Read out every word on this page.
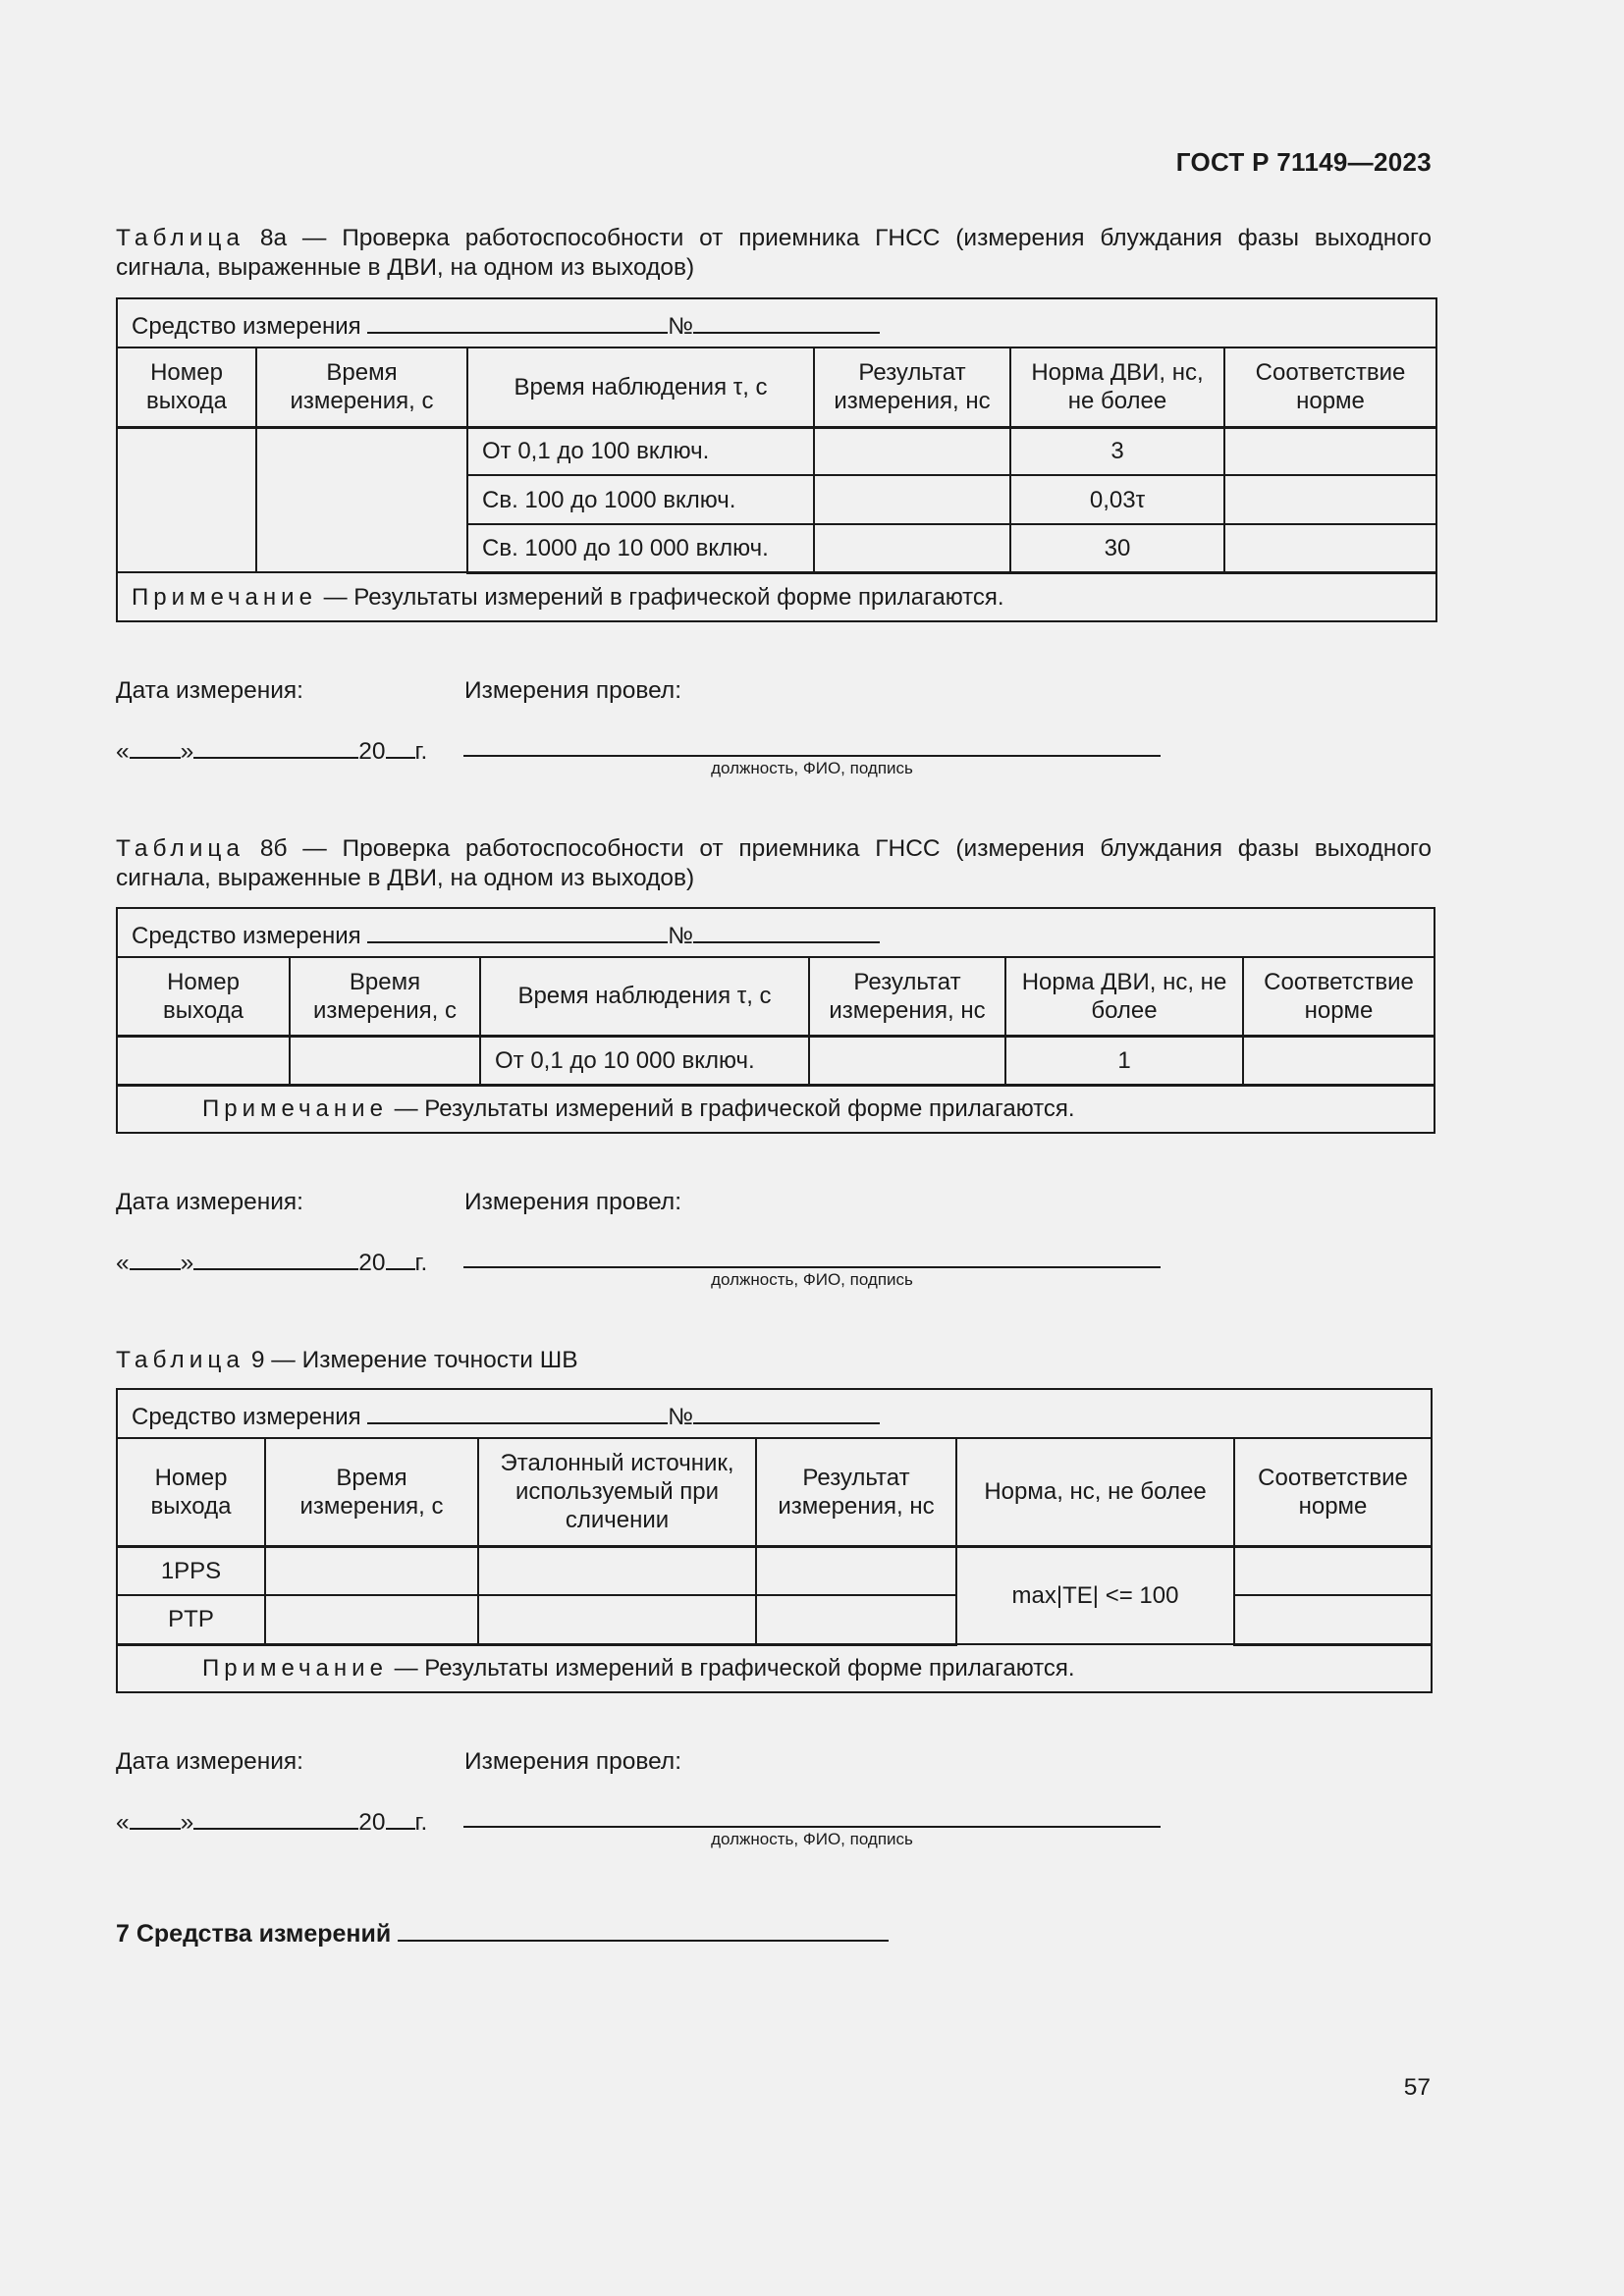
ГОСТ Р 71149—2023
Таблица 8а — Проверка работоспособности от приемника ГНСС (измерения блуждания фазы выходного сигнала, выраженные в ДВИ, на одном из выходов)
Средство измерения №					
Номер выхода	Время измерения, с	Время наблюдения τ, с	Результат измерения, нс	Норма ДВИ, нс, не более	Соответствие норме
		От 0,1 до 100 включ.		3	
		Св. 100 до 1000 включ.		0,03τ	
		Св. 1000 до 10 000 включ.		30	
Примечание — Результаты измерений в графической форме прилагаются.					
Дата измерения:	Измерения провел:
« »	20 г.
должность, ФИО, подпись
Таблица 8б — Проверка работоспособности от приемника ГНСС (измерения блуждания фазы выходного сигнала, выраженные в ДВИ, на одном из выходов)
Средство измерения №					
Номер выхода	Время измерения, с	Время наблюдения τ, с	Результат измерения, нс	Норма ДВИ, нс, не более	Соответствие норме
		От 0,1 до 10 000 включ.		1	
Примечание — Результаты измерений в графической форме прилагаются.					
Дата измерения:	Измерения провел:
« »	20 г.
должность, ФИО, подпись
Таблица 9 — Измерение точности ШВ
Средство измерения №					
Номер выхода	Время измерения, с	Эталонный источник, используемый при сличении	Результат измерения, нс	Норма, нс, не более	Соответствие норме
1PPS				max|TE| <= 100	
PTP					
Примечание — Результаты измерений в графической форме прилагаются.					
Дата измерения:	Измерения провел:
« »	20 г.
должность, ФИО, подпись
7 Средства измерений
57
